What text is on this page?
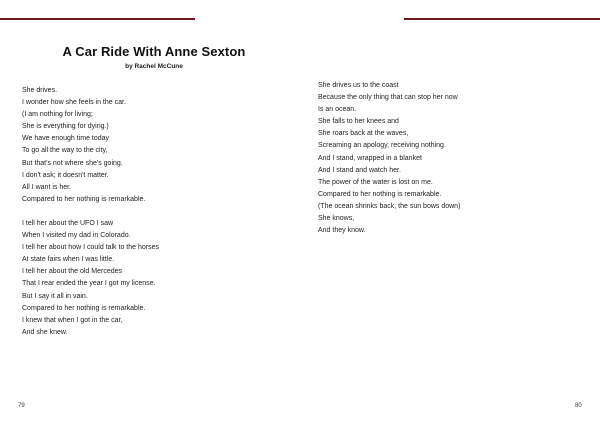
A Car Ride With Anne Sexton
by Rachel McCune
She drives.
I wonder how she feels in the car.
(I am nothing for living;
She is everything for dying.)
We have enough time today
To go all the way to the city,
But that's not where she's going.
I don't ask; it doesn't matter.
All I want is her.
Compared to her nothing is remarkable.
I tell her about the UFO I saw
When I visited my dad in Colorado.
I tell her about how I could talk to the horses
At state fairs when I was little.
I tell her about the old Mercedes
That I rear ended the year I got my license.
But I say it all in vain.
Compared to her nothing is remarkable.
I knew that when I got in the car,
And she knew.
She drives us to the coast
Because the only thing that can stop her now
Is an ocean.
She falls to her knees and
She roars back at the waves,
Screaming an apology, receiving nothing.
And I stand, wrapped in a blanket
And I stand and watch her.
The power of the water is lost on me.
Compared to her nothing is remarkable.
(The ocean shrinks back, the sun bows down)
She knows,
And they know.
79	80
